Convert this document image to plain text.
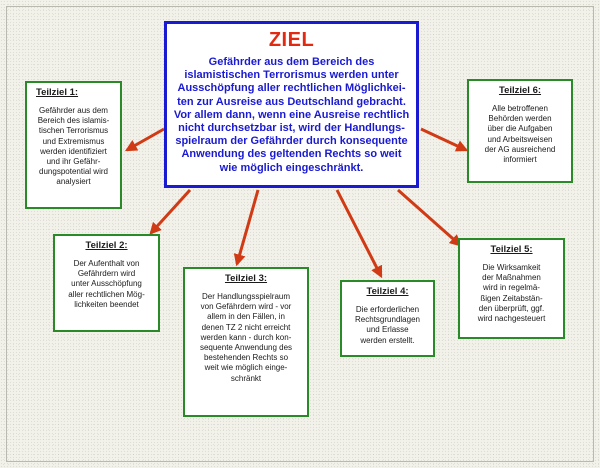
ZIEL
Gefährder aus dem Bereich des
islamistischen Terrorismus werden unter
Ausschöpfung aller rechtlichen Möglichkei-
ten zur Ausreise aus Deutschland gebracht.
Vor allem dann, wenn eine Ausreise rechtlich
nicht durchsetzbar ist, wird der Handlungs-
spielraum der Gefährder durch konsequente
Anwendung des geltenden Rechts so weit
wie möglich eingeschränkt.
Teilziel 1:
Gefährder aus dem
Bereich des islamis-
tischen Terrorismus
und Extremismus
werden identifiziert
und ihr Gefähr-
dungspotential wird
analysiert
Teilziel 2:
Der Aufenthalt von
Gefährdern wird
unter Ausschöpfung
aller rechtlichen Mög-
lichkeiten beendet
Teilziel 3:
Der Handlungsspielraum
von Gefährdern wird - vor
allem in den Fällen, in
denen TZ 2 nicht erreicht
werden kann - durch kon-
sequente Anwendung des
bestehenden Rechts so
weit wie möglich einge-
schränkt
Teilziel 4:
Die erforderlichen
Rechtsgrundlagen
und Erlasse
werden erstellt.
Teilziel 5:
Die Wirksamkeit
der Maßnahmen
wird in regelmä-
ßigen Zeitabstän-
den überprüft, ggf.
wird nachgesteuert
Teilziel 6:
Alle betroffenen
Behörden werden
über die Aufgaben
und Arbeitsweisen
der AG ausreichend
informiert
